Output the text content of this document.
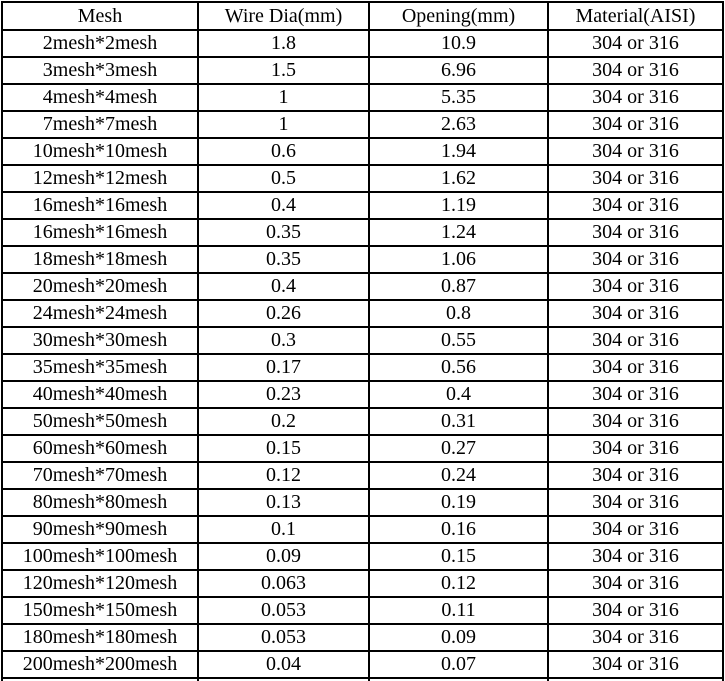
Mesh	Wire Dia(mm)	Opening(mm)	Material(AISI)
2mesh*2mesh	1.8	10.9	304 or 316
3mesh*3mesh	1.5	6.96	304 or 316
4mesh*4mesh	1	5.35	304 or 316
7mesh*7mesh	1	2.63	304 or 316
10mesh*10mesh	0.6	1.94	304 or 316
12mesh*12mesh	0.5	1.62	304 or 316
16mesh*16mesh	0.4	1.19	304 or 316
16mesh*16mesh	0.35	1.24	304 or 316
18mesh*18mesh	0.35	1.06	304 or 316
20mesh*20mesh	0.4	0.87	304 or 316
24mesh*24mesh	0.26	0.8	304 or 316
30mesh*30mesh	0.3	0.55	304 or 316
35mesh*35mesh	0.17	0.56	304 or 316
40mesh*40mesh	0.23	0.4	304 or 316
50mesh*50mesh	0.2	0.31	304 or 316
60mesh*60mesh	0.15	0.27	304 or 316
70mesh*70mesh	0.12	0.24	304 or 316
80mesh*80mesh	0.13	0.19	304 or 316
90mesh*90mesh	0.1	0.16	304 or 316
100mesh*100mesh	0.09	0.15	304 or 316
120mesh*120mesh	0.063	0.12	304 or 316
150mesh*150mesh	0.053	0.11	304 or 316
180mesh*180mesh	0.053	0.09	304 or 316
200mesh*200mesh	0.04	0.07	304 or 316
